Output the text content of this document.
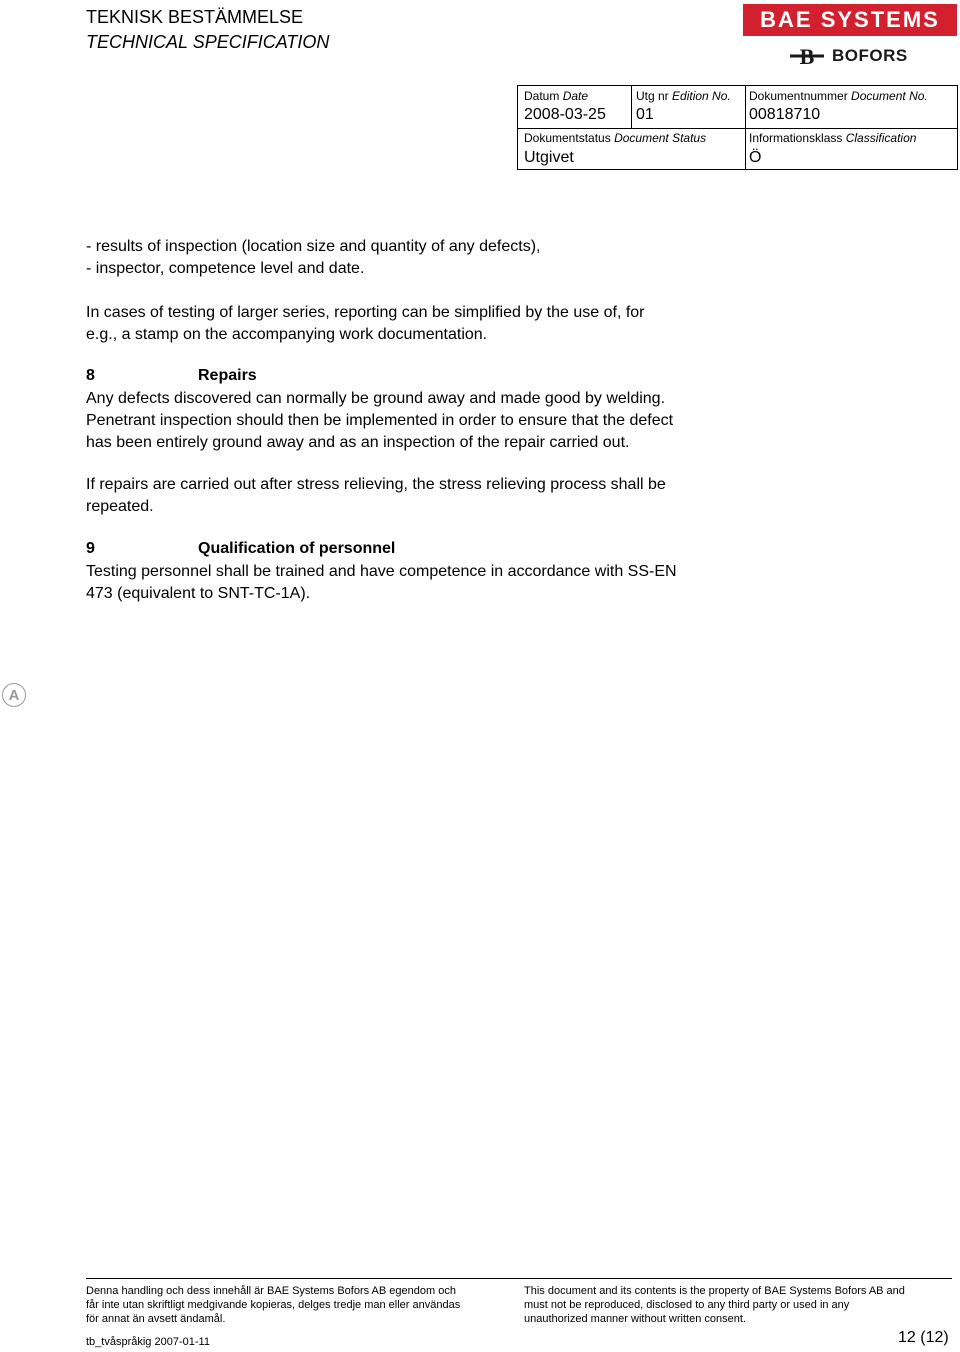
TEKNISK BESTÄMMELSE
TECHNICAL SPECIFICATION
BAE SYSTEMS
B BOFORS
Datum Date
2008-03-25
Utg nr Edition No.
01
Dokumentnummer Document No.
00818710
Dokumentstatus Document Status
Utgivet
Informationsklass Classification
Ö
- results of inspection (location size and quantity of any defects),
- inspector, competence level and date.
In cases of testing of larger series, reporting can be simplified by the use of, for
e.g., a stamp on the accompanying work documentation.
8	Repairs
Any defects discovered can normally be ground away and made good by welding.
Penetrant inspection should then be implemented in order to ensure that the defect
has been entirely ground away and as an inspection of the repair carried out.
If repairs are carried out after stress relieving, the stress relieving process shall be
repeated.
9	Qualification of personnel
Testing personnel shall be trained and have competence in accordance with SS-EN
473 (equivalent to SNT-TC-1A).
A
Denna handling och dess innehåll är BAE Systems Bofors AB egendom och
får inte utan skriftligt medgivande kopieras, delges tredje man eller användas
för annat än avsett ändamål.
This document and its contents is the property of BAE Systems Bofors AB and
must not be reproduced, disclosed to any third party or used in any
unauthorized manner without written consent.
tb_tvåspråkig 2007-01-11	12 (12)
